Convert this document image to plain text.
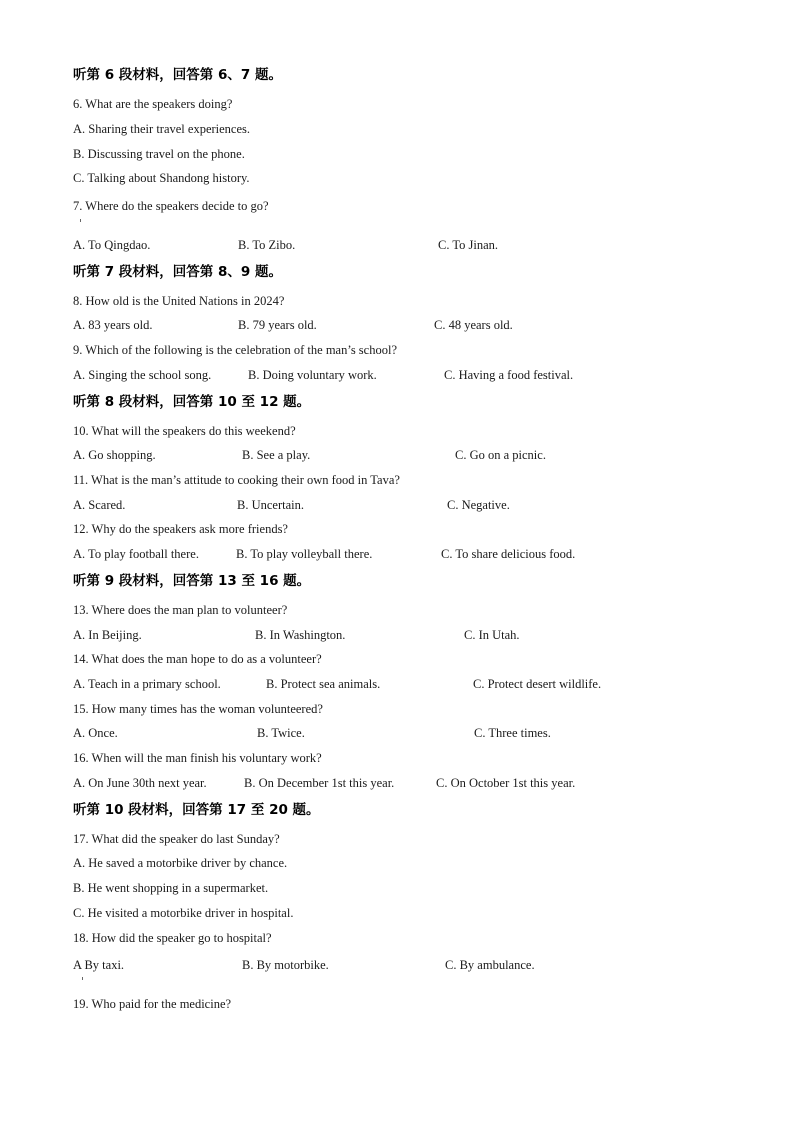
听第 6 段材料，回答第 6、7 题。
6. What are the speakers doing?
A. Sharing their travel experiences.
B. Discussing travel on the phone.
C. Talking about Shandong history.
7. Where do the speakers decide to go?
A. To Qingdao.	B. To Zibo.	C. To Jinan.
听第 7 段材料，回答第 8、9 题。
8. How old is the United Nations in 2024?
A. 83 years old.	B. 79 years old.	C. 48 years old.
9. Which of the following is the celebration of the man’s school?
A. Singing the school song.	B. Doing voluntary work.	C. Having a food festival.
听第 8 段材料，回答第 10 至 12 题。
10. What will the speakers do this weekend?
A. Go shopping.	B. See a play.	C. Go on a picnic.
11. What is the man’s attitude to cooking their own food in Tava?
A. Scared.	B. Uncertain.	C. Negative.
12. Why do the speakers ask more friends?
A. To play football there.	B. To play volleyball there.	C. To share delicious food.
听第 9 段材料，回答第 13 至 16 题。
13. Where does the man plan to volunteer?
A. In Beijing.	B. In Washington.	C. In Utah.
14. What does the man hope to do as a volunteer?
A. Teach in a primary school.	B. Protect sea animals.	C. Protect desert wildlife.
15. How many times has the woman volunteered?
A. Once.	B. Twice.	C. Three times.
16. When will the man finish his voluntary work?
A. On June 30th next year.	B. On December 1st this year.	C. On October 1st this year.
听第 10 段材料，回答第 17 至 20 题。
17. What did the speaker do last Sunday?
A. He saved a motorbike driver by chance.
B. He went shopping in a supermarket.
C. He visited a motorbike driver in hospital.
18. How did the speaker go to hospital?
A By taxi.	B. By motorbike.	C. By ambulance.
19. Who paid for the medicine?
